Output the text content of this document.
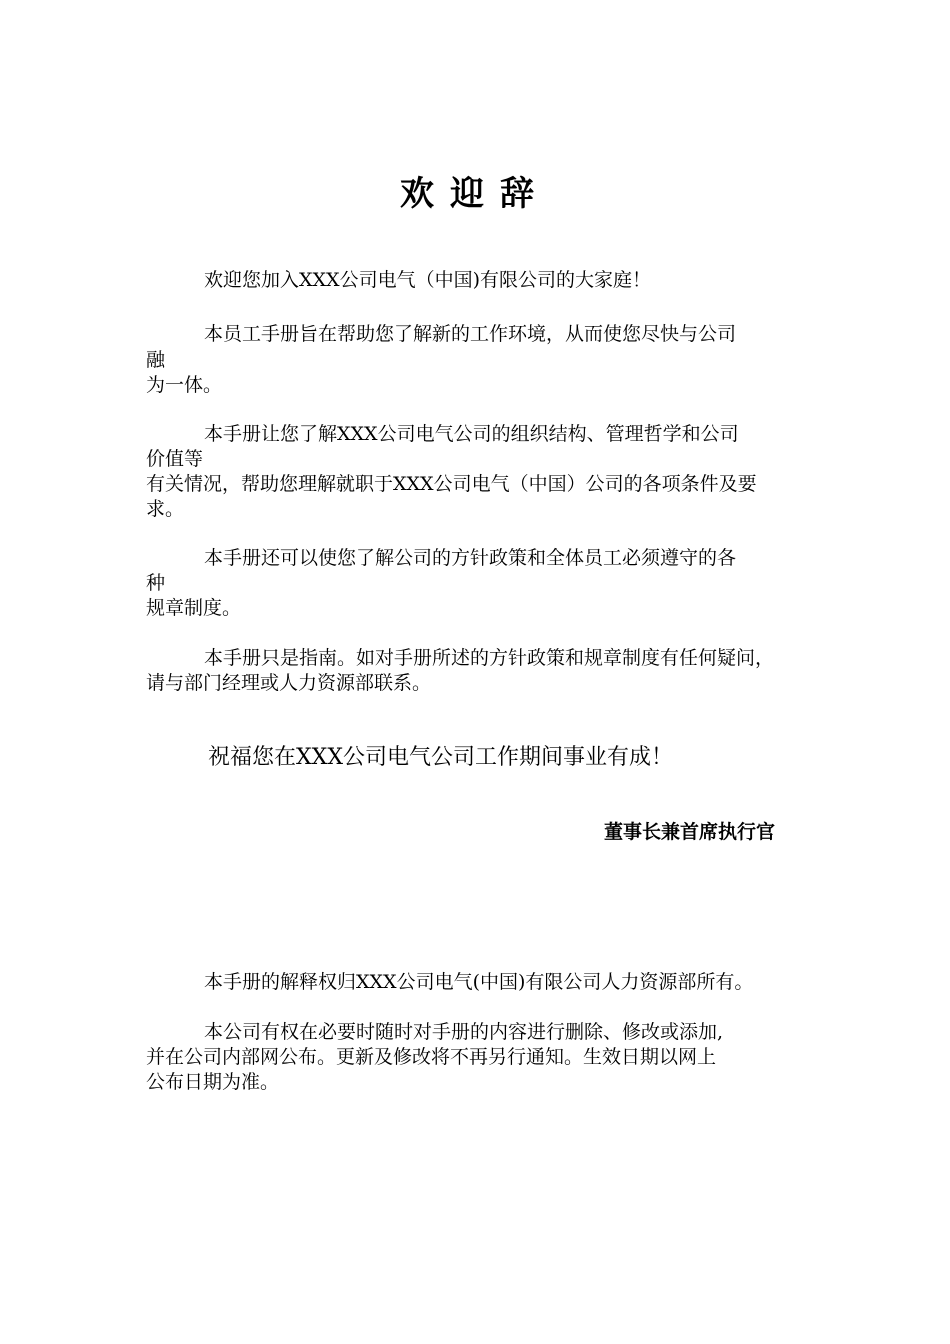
欢迎辞

欢迎您加入XXX公司电气（中国)有限公司的大家庭！

本员工手册旨在帮助您了解新的工作环境，从而使您尽快与公司

融

为一体。

本手册让您了解XXX公司电气公司的组织结构、管理哲学和公司

价值等

有关情况，帮助您理解就职于XXX公司电气（中国）公司的各项条件及要

求。

本手册还可以使您了解公司的方针政策和全体员工必须遵守的各

种

规章制度。

本手册只是指南。如对手册所述的方针政策和规章制度有任何疑问，

请与部门经理或人力资源部联系。

祝福您在XXX公司电气公司工作期间事业有成！

董事长兼首席执行官

本手册的解释权归XXX公司电气(中国)有限公司人力资源部所有。

本公司有权在必要时随时对手册的内容进行删除、修改或添加,

并在公司内部网公布。更新及修改将不再另行通知。生效日期以网上

公布日期为准。
